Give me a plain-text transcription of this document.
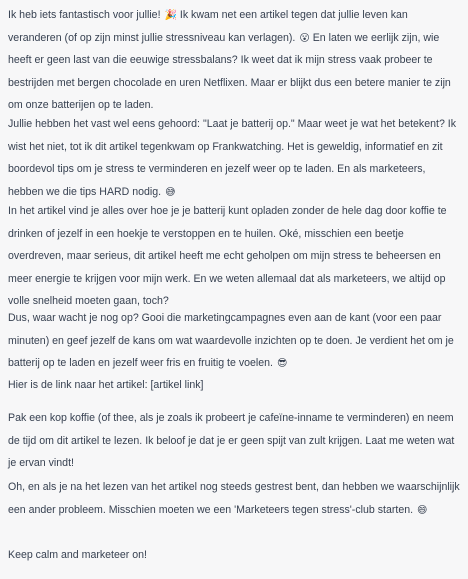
Ik heb iets fantastisch voor jullie! 🎉 Ik kwam net een artikel tegen dat jullie leven kan veranderen (of op zijn minst jullie stressniveau kan verlagen). 😮 En laten we eerlijk zijn, wie heeft er geen last van die eeuwige stressbalans? Ik weet dat ik mijn stress vaak probeer te bestrijden met bergen chocolade en uren Netflixen. Maar er blijkt dus een betere manier te zijn om onze batterijen op te laden.

Jullie hebben het vast wel eens gehoord: "Laat je batterij op." Maar weet je wat het betekent? Ik wist het niet, tot ik dit artikel tegenkwam op Frankwatching. Het is geweldig, informatief en zit boordevol tips om je stress te verminderen en jezelf weer op te laden. En als marketeers, hebben we die tips HARD nodig. 😅

In het artikel vind je alles over hoe je je batterij kunt opladen zonder de hele dag door koffie te drinken of jezelf in een hoekje te verstoppen en te huilen. Oké, misschien een beetje overdreven, maar serieus, dit artikel heeft me echt geholpen om mijn stress te beheersen en meer energie te krijgen voor mijn werk. En we weten allemaal dat als marketeers, we altijd op volle snelheid moeten gaan, toch?

Dus, waar wacht je nog op? Gooi die marketingcampagnes even aan de kant (voor een paar minuten) en geef jezelf de kans om wat waardevolle inzichten op te doen. Je verdient het om je batterij op te laden en jezelf weer fris en fruitig te voelen. 😎

Hier is de link naar het artikel: [artikel link]

Pak een kop koffie (of thee, als je zoals ik probeert je cafeïne-inname te verminderen) en neem de tijd om dit artikel te lezen. Ik beloof je dat je er geen spijt van zult krijgen. Laat me weten wat je ervan vindt!

Oh, en als je na het lezen van het artikel nog steeds gestrest bent, dan hebben we waarschijnlijk een ander probleem. Misschien moeten we een 'Marketeers tegen stress'-club starten. 😄

Keep calm and marketeer on!
